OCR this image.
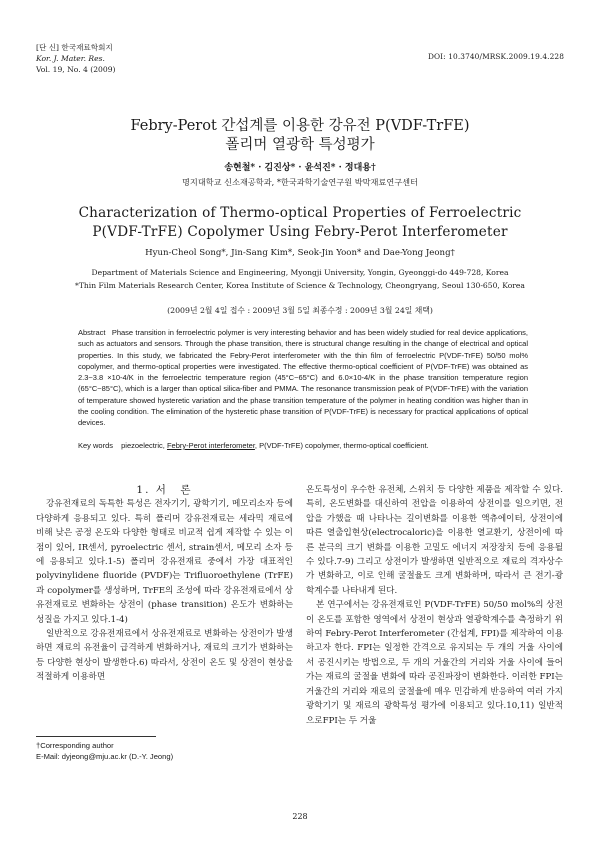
[단 신] 한국재료학회지
Kor. J. Mater. Res.
Vol. 19, No. 4 (2009)
DOI: 10.3740/MRSK.2009.19.4.228
Febry-Perot 간섭계를 이용한 강유전 P(VDF-TrFE)
폴리머 열광학 특성평가
송현철* · 김진상* · 윤석진* · 정대용†
명지대학교 신소재공학과, *한국과학기술연구원 박막재료연구센터
Characterization of Thermo-optical Properties of Ferroelectric
P(VDF-TrFE) Copolymer Using Febry-Perot Interferometer
Hyun-Cheol Song*, Jin-Sang Kim*, Seok-Jin Yoon* and Dae-Yong Jeong†
Department of Materials Science and Engineering, Myongji University, Yongin, Gyeonggi-do 449-728, Korea
*Thin Film Materials Research Center, Korea Institute of Science & Technology, Cheongryang, Seoul 130-650, Korea
(2009년 2월 4일 접수 : 2009년 3월 5일 최종수정 : 2009년 3월 24일 채택)
Abstract Phase transition in ferroelectric polymer is very interesting behavior and has been widely studied for real device applications, such as actuators and sensors. Through the phase transition, there is structural change resulting in the change of electrical and optical properties. In this study, we fabricated the Febry-Perot interferometer with the thin film of ferroelectric P(VDF-TrFE) 50/50 mol% copolymer, and thermo-optical properties were investigated. The effective thermo-optical coefficient of P(VDF-TrFE) was obtained as 2.3~3.8 ×10-4/K in the ferroelectric temperature region (45°C~65°C) and 6.0×10-4/K in the phase transition temperature region (65°C~85°C), which is a larger than optical silica-fiber and PMMA. The resonance transmission peak of P(VDF-TrFE) with the variation of temperature showed hysteretic variation and the phase transition temperature of the polymer in heating condition was higher than in the cooling condition. The elimination of the hysteretic phase transition of P(VDF-TrFE) is necessary for practical applications of optical devices.
Key words piezoelectric, Febry-Perot interferometer, P(VDF-TrFE) copolymer, thermo-optical coefficient.

1. 서　론

강유전재료의 독특한 특성은 전자기기, 광학기기, 메모리소자 등에 다양하게 응용되고 있다. 특히 폴리머 강유전재료는 세라믹 재료에 비해 낮은 공정 온도와 다양한 형태로 비교적 쉽게 제작할 수 있는 이점이 있어, IR센서, pyroelectric 센서, strain센서, 메모리 소자 등에 응용되고 있다.1-5) 폴리머 강유전재료 중에서 가장 대표적인 polyvinylidene fluoride (PVDF)는 Trifluoroethylene (TrFE)과 copolymer를 생성하며, TrFE의 조성에 따라 강유전재료에서 상유전재료로 변화하는 상전이 (phase transition) 온도가 변화하는 성질을 가지고 있다.1-4)

일반적으로 강유전재료에서 상유전재료로 변화하는 상전이가 발생하면 재료의 유전율이 급격하게 변화하거나, 재료의 크기가 변화하는 등 다양한 현상이 발생한다.6) 따라서, 상전이 온도 및 상전이 현상을 적절하게 이용하면

온도특성이 우수한 유전체, 스위치 등 다양한 제품을 제작할 수 있다. 특히, 온도변화를 대신하여 전압을 이용하여 상전이를 일으키면, 전압을 가했을 때 나타나는 길이변화를 이용한 액츄에이터, 상전이에 따른 열출입현상(electrocaloric)을 이용한 열교환기, 상전이에 따른 분극의 크기 변화를 이용한 고밀도 에너지 저장장치 등에 응용될 수 있다.7-9) 그리고 상전이가 발생하면 일반적으로 재료의 격자상수가 변화하고, 이로 인해 굴절율도 크게 변화하며, 따라서 큰 전기-광학계수를 나타내게 된다.

본 연구에서는 강유전재료인 P(VDF-TrFE) 50/50 mol%의 상전이 온도를 포함한 영역에서 상전이 현상과 열광학계수를 측정하기 위하여 Febry-Perot Interferometer (간섭계, FPI)를 제작하여 이용하고자 한다. FPI는 일정한 간격으로 유지되는 두 개의 거울 사이에서 공진시키는 방법으로, 두 개의 거울간의 거리와 거울 사이에 들어가는 재료의 굴절율 변화에 따라 공진파장이 변화한다. 이러한 FPI는 거울간의 거리와 재료의 굴절율에 매우 민감하게 반응하여 여러 가지 광학기기 및 재료의 광학특성 평가에 이용되고 있다.10,11) 일반적으로FPI는 두 거울

†Corresponding author
E-Mail: dyjeong@mju.ac.kr (D.-Y. Jeong)
228
